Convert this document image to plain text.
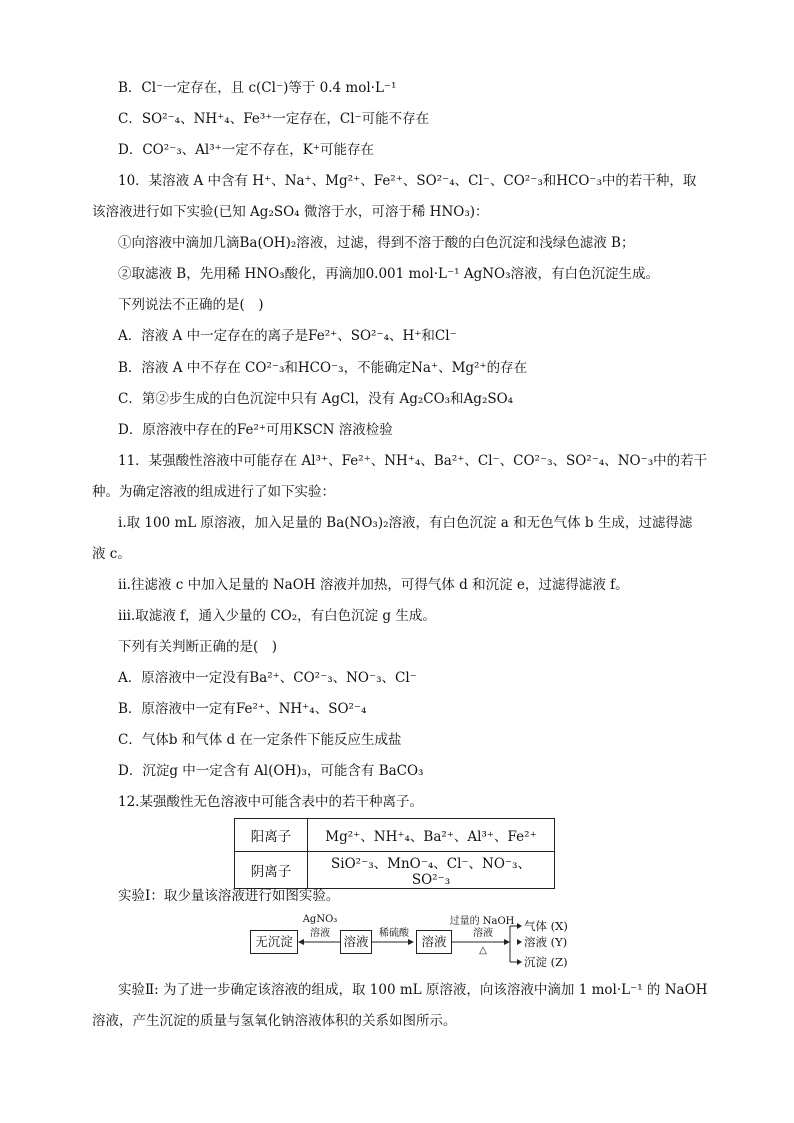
B．Cl⁻一定存在，且 c(Cl⁻)等于 0.4 mol·L⁻¹
C．SO²⁻₄、NH⁺₄、Fe³⁺一定存在，Cl⁻可能不存在
D．CO²⁻₃、Al³⁺一定不存在，K⁺可能存在
10．某溶液 A 中含有 H⁺、Na⁺、Mg²⁺、Fe²⁺、SO²⁻₄、Cl⁻、CO²⁻₃和HCO⁻₃中的若干种，取
该溶液进行如下实验(已知 Ag₂SO₄ 微溶于水，可溶于稀 HNO₃)：
①向溶液中滴加几滴Ba(OH)₂溶液，过滤，得到不溶于酸的白色沉淀和浅绿色滤液 B；
②取滤液 B，先用稀 HNO₃酸化，再滴加0.001 mol·L⁻¹ AgNO₃溶液，有白色沉淀生成。
下列说法不正确的是(　)
A．溶液 A 中一定存在的离子是Fe²⁺、SO²⁻₄、H⁺和Cl⁻
B．溶液 A 中不存在 CO²⁻₃和HCO⁻₃，不能确定Na⁺、Mg²⁺的存在
C．第②步生成的白色沉淀中只有 AgCl，没有 Ag₂CO₃和Ag₂SO₄
D．原溶液中存在的Fe²⁺可用KSCN 溶液检验
11．某强酸性溶液中可能存在 Al³⁺、Fe²⁺、NH⁺₄、Ba²⁺、Cl⁻、CO²⁻₃、SO²⁻₄、NO⁻₃中的若干
种。为确定溶液的组成进行了如下实验：
ⅰ.取 100 mL 原溶液，加入足量的 Ba(NO₃)₂溶液，有白色沉淀 a 和无色气体 b 生成，过滤得滤
液 c。
ⅱ.往滤液 c 中加入足量的 NaOH 溶液并加热，可得气体 d 和沉淀 e，过滤得滤液 f。
ⅲ.取滤液 f，通入少量的 CO₂，有白色沉淀 g 生成。
下列有关判断正确的是(　)
A．原溶液中一定没有Ba²⁺、CO²⁻₃、NO⁻₃、Cl⁻
B．原溶液中一定有Fe²⁺、NH⁺₄、SO²⁻₄
C．气体b 和气体 d 在一定条件下能反应生成盐
D．沉淀g 中一定含有 Al(OH)₃，可能含有 BaCO₃
12.某强酸性无色溶液中可能含表中的若干种离子。
阳离子	Mg²⁺、NH⁺₄、Ba²⁺、Al³⁺、Fe²⁺
阴离子	SiO²⁻₃、MnO⁻₄、Cl⁻、NO⁻₃、SO²⁻₃
实验Ⅰ：取少量该溶液进行如图实验。
无沉淀	溶液	溶液
AgNO₃
溶液	稀硫酸
过量的 NaOH
溶液
△
气体 (X)
溶液 (Y)
沉淀 (Z)
实验Ⅱ: 为了进一步确定该溶液的组成，取 100 mL 原溶液，向该溶液中滴加 1 mol·L⁻¹ 的 NaOH
溶液，产生沉淀的质量与氢氧化钠溶液体积的关系如图所示。
